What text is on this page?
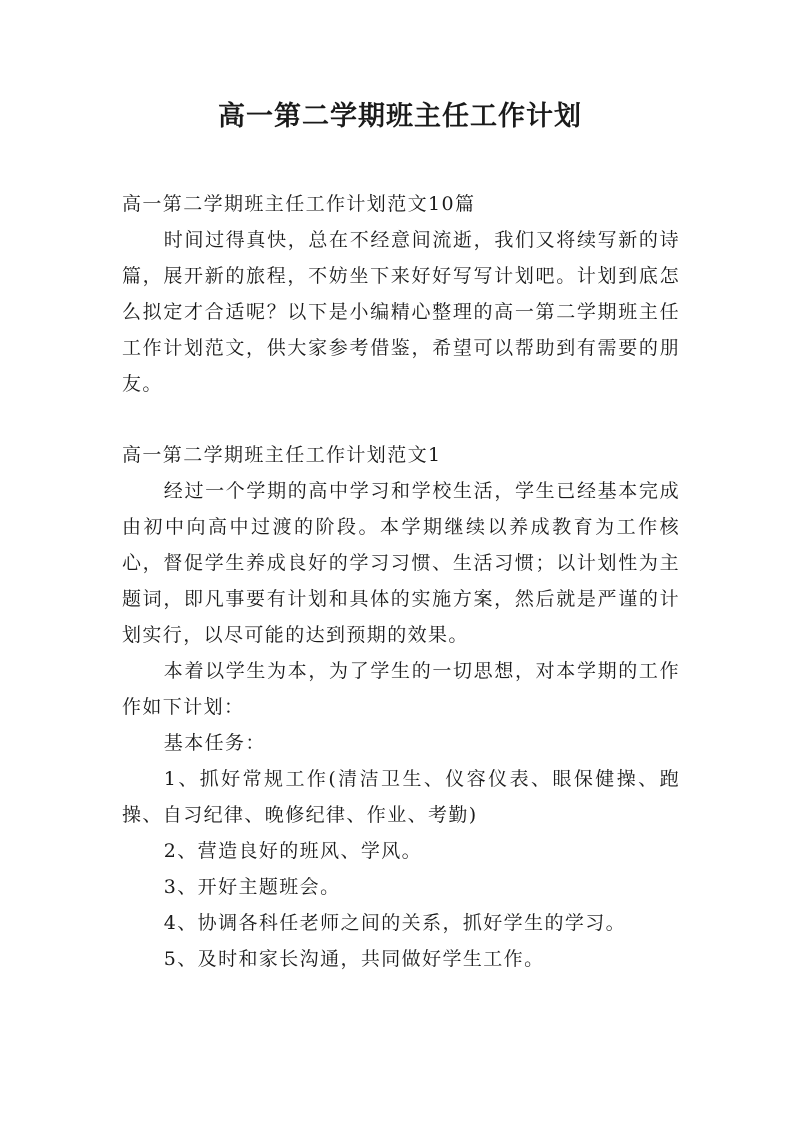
高一第二学期班主任工作计划

高一第二学期班主任工作计划范文10篇

时间过得真快，总在不经意间流逝，我们又将续写新的诗篇，展开新的旅程，不妨坐下来好好写写计划吧。计划到底怎么拟定才合适呢？以下是小编精心整理的高一第二学期班主任工作计划范文，供大家参考借鉴，希望可以帮助到有需要的朋友。

高一第二学期班主任工作计划范文1

经过一个学期的高中学习和学校生活，学生已经基本完成由初中向高中过渡的阶段。本学期继续以养成教育为工作核心，督促学生养成良好的学习习惯、生活习惯；以计划性为主题词，即凡事要有计划和具体的实施方案，然后就是严谨的计划实行，以尽可能的达到预期的效果。

本着以学生为本，为了学生的一切思想，对本学期的工作作如下计划：

基本任务：

1、抓好常规工作(清洁卫生、仪容仪表、眼保健操、跑操、自习纪律、晚修纪律、作业、考勤)

2、营造良好的班风、学风。

3、开好主题班会。

4、协调各科任老师之间的关系，抓好学生的学习。

5、及时和家长沟通，共同做好学生工作。
